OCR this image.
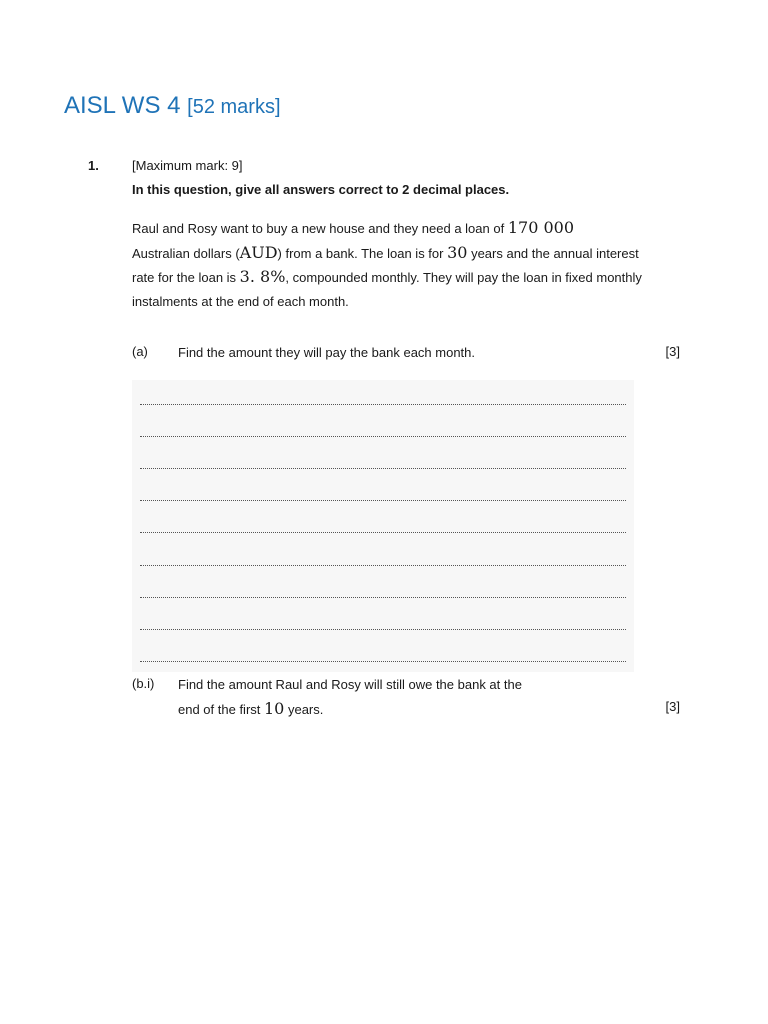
AISL WS 4 [52 marks]
1.	[Maximum mark: 9]
In this question, give all answers correct to 2 decimal places.
Raul and Rosy want to buy a new house and they need a loan of 170 000
Australian dollars (AUD) from a bank. The loan is for 30 years and the annual interest rate for the loan is 3. 8%, compounded monthly. They will pay the loan in fixed monthly instalments at the end of each month.
(a) Find the amount they will pay the bank each month.	[3]
(b.i) Find the amount Raul and Rosy will still owe the bank at the
end of the first 10 years.	[3]
